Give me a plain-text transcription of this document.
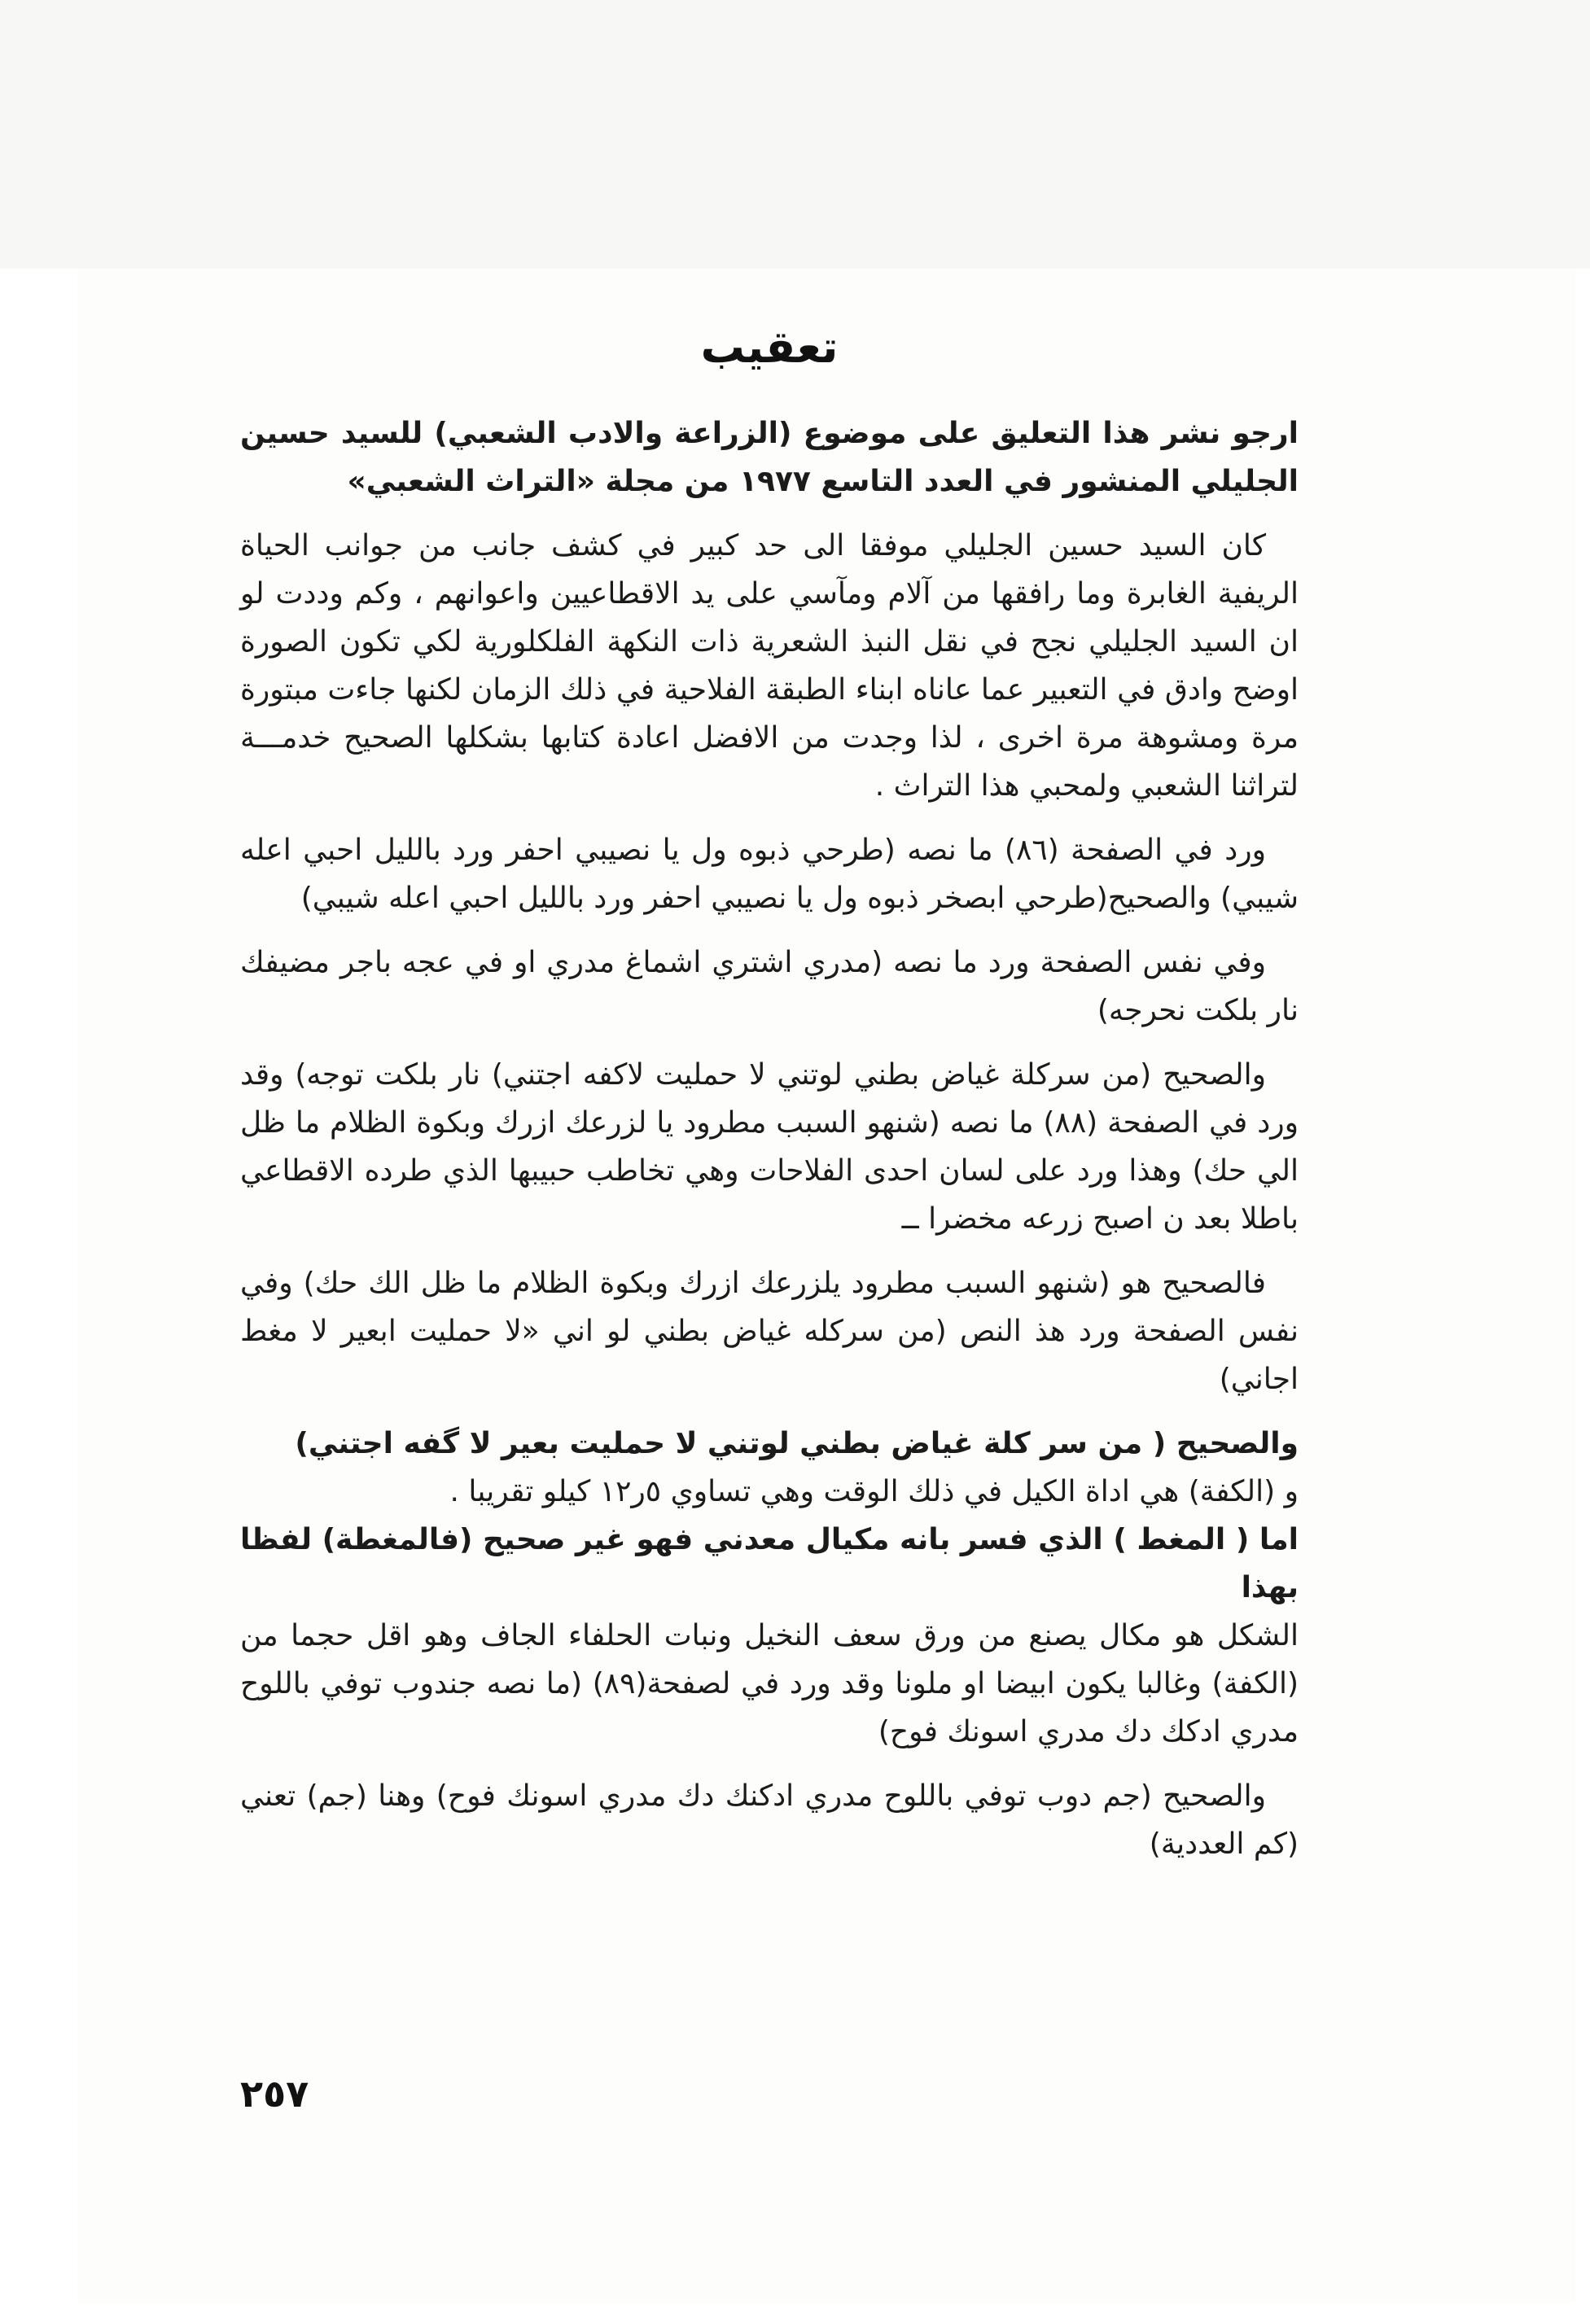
تعقيب

ارجو نشر هذا التعليق على موضوع (الزراعة والادب الشعبي) للسيد حسين الجليلي المنشور في العدد التاسع ١٩٧٧ من مجلة «التراث الشعبي»

كان السيد حسين الجليلي موفقا الى حد كبير في كشف جانب من جوانب الحياة الريفية الغابرة وما رافقها من آلام ومآسي على يد الاقطاعيين واعوانهم ، وكم وددت لو ان السيد الجليلي نجح في نقل النبذ الشعرية ذات النكهة الفلكلورية لكي تكون الصورة اوضح وادق في التعبير عما عاناه ابناء الطبقة الفلاحية في ذلك الزمان لكنها جاءت مبتورة مرة ومشوهة مرة اخرى ، لذا وجدت من الافضل اعادة كتابها بشكلها الصحيح خدمـــة لتراثنا الشعبي ولمحبي هذا التراث .

ورد في الصفحة (٨٦) ما نصه (طرحي ذبوه ول يا نصيبي احفر ورد بالليل احبي اعله شيبي) والصحيح(طرحي ابصخر ذبوه ول يا نصيبي احفر ورد بالليل احبي اعله شيبي)

وفي نفس الصفحة ورد ما نصه (مدري اشتري اشماغ مدري او في عجه باجر مضيفك نار بلكت نحرجه)

والصحيح (من سركلة غياض بطني لوتني لا حمليت لاكفه اجتني) نار بلكت توجه) وقد ورد في الصفحة (٨٨) ما نصه (شنهو السبب مطرود يا لزرعك ازرك وبكوة الظلام ما ظل الي حك) وهذا ورد على لسان احدى الفلاحات وهي تخاطب حبيبها الذي طرده الاقطاعي باطلا بعد ن اصبح زرعه مخضرا ــ

فالصحيح هو (شنهو السبب مطرود يلزرعك ازرك وبكوة الظلام ما ظل الك حك) وفي نفس الصفحة ورد هذ النص (من سركله غياض بطني لو اني «لا حمليت ابعير لا مغط اجاني)

والصحيح ( من سر كلة غياض بطني لوتني لا حمليت بعير لا گفه اجتني)
و (الكفة) هي اداة الكيل في ذلك الوقت وهي تساوي ٥ر١٢ كيلو تقريبا .
اما ( المغط ) الذي فسر بانه مكيال معدني فهو غير صحيح (فالمغطة) لفظا بهذا
الشكل هو مكال يصنع من ورق سعف النخيل ونبات الحلفاء الجاف وهو اقل حجما من (الكفة) وغالبا يكون ابيضا او ملونا وقد ورد في لصفحة(٨٩) (ما نصه جندوب توفي باللوح مدري ادكك دك مدري اسونك فوح)

والصحيح (جم دوب توفي باللوح مدري ادكنك دك مدري اسونك فوح) وهنا (جم) تعني (كم العددية)

٢٥٧
